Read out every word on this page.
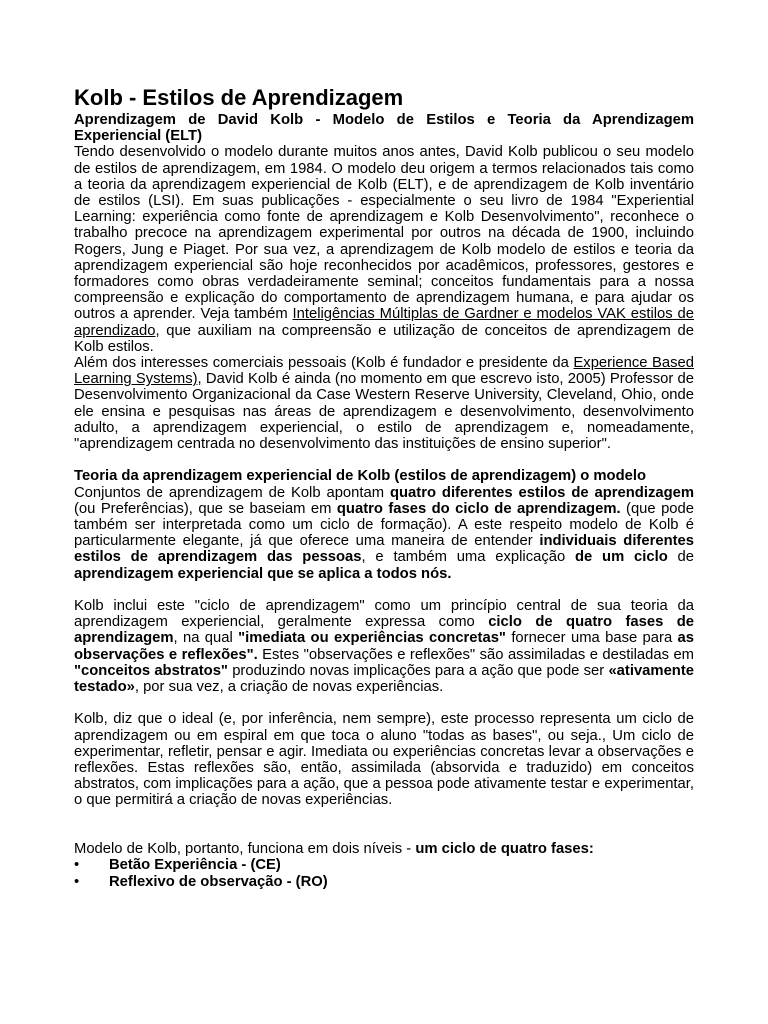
Kolb - Estilos de Aprendizagem

Aprendizagem de David Kolb - Modelo de Estilos e Teoria da Aprendizagem Experiencial (ELT)

Tendo desenvolvido o modelo durante muitos anos antes, David Kolb publicou o seu modelo de estilos de aprendizagem, em 1984. O modelo deu origem a termos relacionados tais como a teoria da aprendizagem experiencial de Kolb (ELT), e de aprendizagem de Kolb inventário de estilos (LSI). Em suas publicações - especialmente o seu livro de 1984 "Experiential Learning: experiência como fonte de aprendizagem e Kolb Desenvolvimento", reconhece o trabalho precoce na aprendizagem experimental por outros na década de 1900, incluindo Rogers, Jung e Piaget. Por sua vez, a aprendizagem de Kolb modelo de estilos e teoria da aprendizagem experiencial são hoje reconhecidos por acadêmicos, professores, gestores e formadores como obras verdadeiramente seminal; conceitos fundamentais para a nossa compreensão e explicação do comportamento de aprendizagem humana, e para ajudar os outros a aprender. Veja também Inteligências Múltiplas de Gardner e modelos VAK estilos de aprendizado, que auxiliam na compreensão e utilização de conceitos de aprendizagem de Kolb estilos.

Além dos interesses comerciais pessoais (Kolb é fundador e presidente da Experience Based Learning Systems), David Kolb é ainda (no momento em que escrevo isto, 2005) Professor de Desenvolvimento Organizacional da Case Western Reserve University, Cleveland, Ohio, onde ele ensina e pesquisas nas áreas de aprendizagem e desenvolvimento, desenvolvimento adulto, a aprendizagem experiencial, o estilo de aprendizagem e, nomeadamente, "aprendizagem centrada no desenvolvimento das instituições de ensino superior".

Teoria da aprendizagem experiencial de Kolb (estilos de aprendizagem) o modelo

Conjuntos de aprendizagem de Kolb apontam quatro diferentes estilos de aprendizagem (ou Preferências), que se baseiam em quatro fases do ciclo de aprendizagem. (que pode também ser interpretada como um ciclo de formação). A este respeito modelo de Kolb é particularmente elegante, já que oferece uma maneira de entender individuais diferentes estilos de aprendizagem das pessoas, e também uma explicação de um ciclo de aprendizagem experiencial que se aplica a todos nós.

Kolb inclui este "ciclo de aprendizagem" como um princípio central de sua teoria da aprendizagem experiencial, geralmente expressa como ciclo de quatro fases de aprendizagem, na qual "imediata ou experiências concretas" fornecer uma base para as observações e reflexões". Estes "observações e reflexões" são assimiladas e destiladas em "conceitos abstratos" produzindo novas implicações para a ação que pode ser «ativamente testado», por sua vez, a criação de novas experiências.

Kolb, diz que o ideal (e, por inferência, nem sempre), este processo representa um ciclo de aprendizagem ou em espiral em que toca o aluno "todas as bases", ou seja., Um ciclo de experimentar, refletir, pensar e agir. Imediata ou experiências concretas levar a observações e reflexões. Estas reflexões são, então, assimilada (absorvida e traduzido) em conceitos abstratos, com implicações para a ação, que a pessoa pode ativamente testar e experimentar, o que permitirá a criação de novas experiências.

Modelo de Kolb, portanto, funciona em dois níveis - um ciclo de quatro fases:

• Betão Experiência - (CE)
• Reflexivo de observação - (RO)
